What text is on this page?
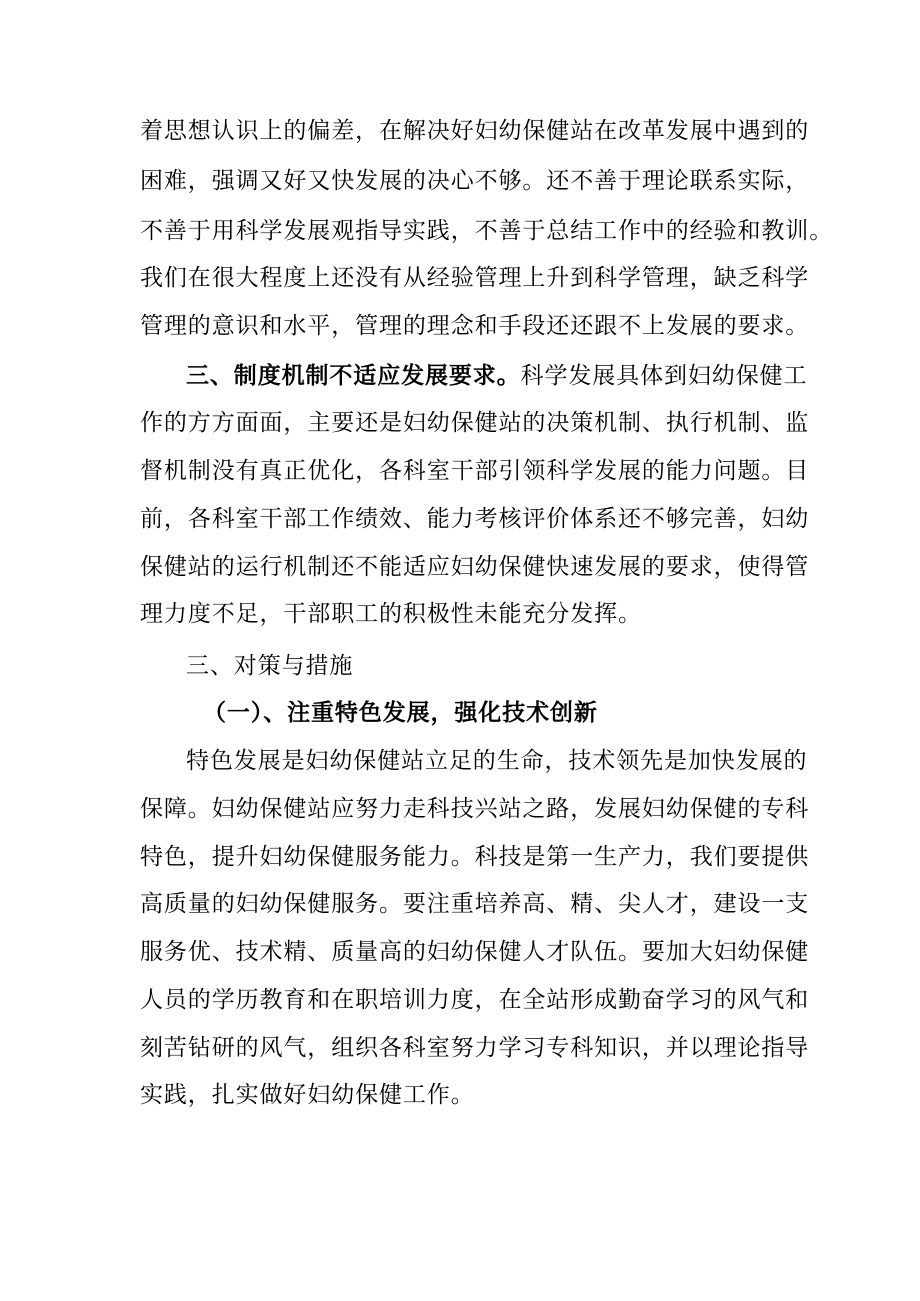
着思想认识上的偏差，在解决好妇幼保健站在改革发展中遇到的
困难，强调又好又快发展的决心不够。还不善于理论联系实际，
不善于用科学发展观指导实践，不善于总结工作中的经验和教训。
我们在很大程度上还没有从经验管理上升到科学管理，缺乏科学
管理的意识和水平，管理的理念和手段还还跟不上发展的要求。
三、制度机制不适应发展要求。科学发展具体到妇幼保健工
作的方方面面，主要还是妇幼保健站的决策机制、执行机制、监
督机制没有真正优化，各科室干部引领科学发展的能力问题。目
前，各科室干部工作绩效、能力考核评价体系还不够完善，妇幼
保健站的运行机制还不能适应妇幼保健快速发展的要求，使得管
理力度不足，干部职工的积极性未能充分发挥。
三、对策与措施
（一）、注重特色发展，强化技术创新
特色发展是妇幼保健站立足的生命，技术领先是加快发展的
保障。妇幼保健站应努力走科技兴站之路，发展妇幼保健的专科
特色，提升妇幼保健服务能力。科技是第一生产力，我们要提供
高质量的妇幼保健服务。要注重培养高、精、尖人才，建设一支
服务优、技术精、质量高的妇幼保健人才队伍。要加大妇幼保健
人员的学历教育和在职培训力度，在全站形成勤奋学习的风气和
刻苦钻研的风气，组织各科室努力学习专科知识，并以理论指导
实践，扎实做好妇幼保健工作。
